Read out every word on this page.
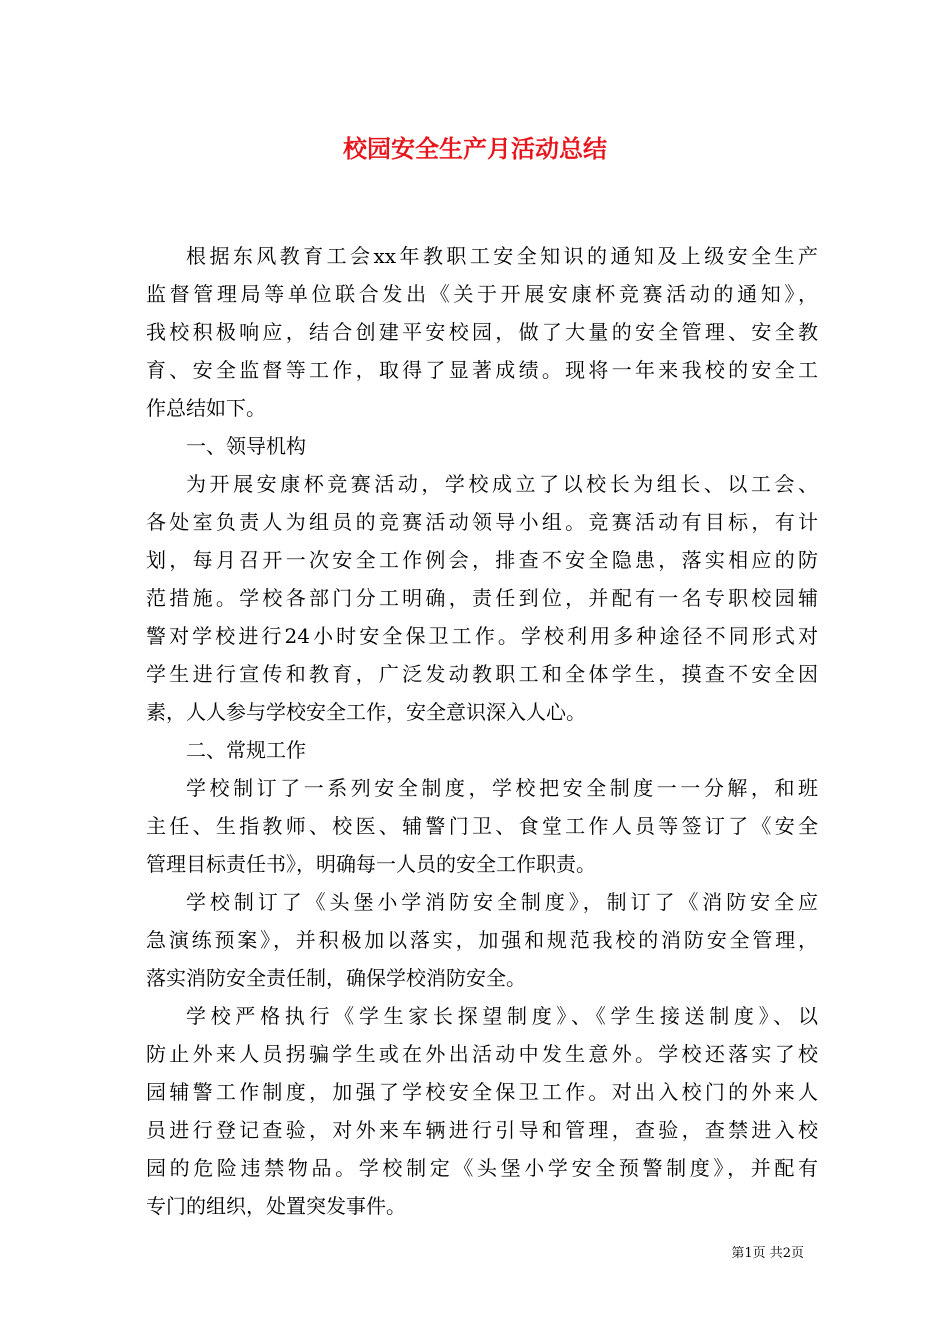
校园安全生产月活动总结
根据东风教育工会xx年教职工安全知识的通知及上级安全生产
监督管理局等单位联合发出《关于开展安康杯竞赛活动的通知》，
我校积极响应，结合创建平安校园，做了大量的安全管理、安全教
育、安全监督等工作，取得了显著成绩。现将一年来我校的安全工
作总结如下。
一、领导机构
为开展安康杯竞赛活动，学校成立了以校长为组长、以工会、
各处室负责人为组员的竞赛活动领导小组。竞赛活动有目标，有计
划，每月召开一次安全工作例会，排查不安全隐患，落实相应的防
范措施。学校各部门分工明确，责任到位，并配有一名专职校园辅
警对学校进行24小时安全保卫工作。学校利用多种途径不同形式对
学生进行宣传和教育，广泛发动教职工和全体学生，摸查不安全因
素，人人参与学校安全工作，安全意识深入人心。
二、常规工作
学校制订了一系列安全制度，学校把安全制度一一分解，和班
主任、生指教师、校医、辅警门卫、食堂工作人员等签订了《安全
管理目标责任书》，明确每一人员的安全工作职责。
学校制订了《头堡小学消防安全制度》，制订了《消防安全应
急演练预案》，并积极加以落实，加强和规范我校的消防安全管理，
落实消防安全责任制，确保学校消防安全。
学校严格执行《学生家长探望制度》、《学生接送制度》、以
防止外来人员拐骗学生或在外出活动中发生意外。学校还落实了校
园辅警工作制度，加强了学校安全保卫工作。对出入校门的外来人
员进行登记查验，对外来车辆进行引导和管理，查验，查禁进入校
园的危险违禁物品。学校制定《头堡小学安全预警制度》，并配有
专门的组织，处置突发事件。
第1页 共2页
